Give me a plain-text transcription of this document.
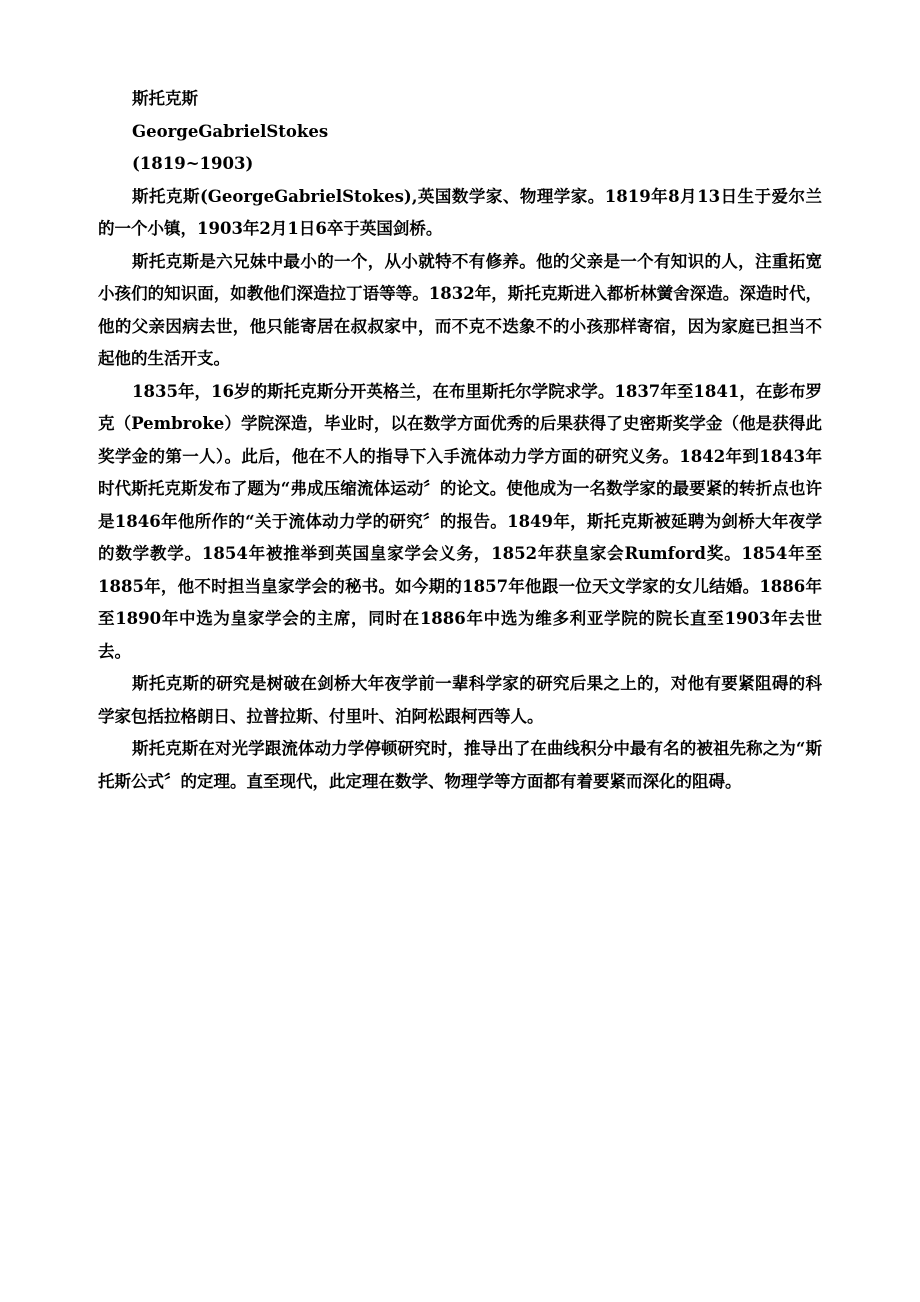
斯托克斯

GeorgeGabrielStokes

(1819~1903)

斯托克斯(GeorgeGabrielStokes),英国数学家、物理学家。1819年8月13日生于爱尔兰的一个小镇，1903年2月1日6卒于英国剑桥。

斯托克斯是六兄妹中最小的一个，从小就特不有修养。他的父亲是一个有知识的人，注重拓宽小孩们的知识面，如教他们深造拉丁语等等。1832年，斯托克斯进入都析林黉舍深造。深造时代，他的父亲因病去世，他只能寄居在叔叔家中，而不克不迭象不的小孩那样寄宿，因为家庭已担当不起他的生活开支。

1835年，16岁的斯托克斯分开英格兰，在布里斯托尔学院求学。1837年至1841，在彭布罗克（Pembroke）学院深造，毕业时，以在数学方面优秀的后果获得了史密斯奖学金（他是获得此奖学金的第一人）。此后，他在不人的指导下入手流体动力学方面的研究义务。1842年到1843年时代斯托克斯发布了题为“弗成压缩流体运动〞的论文。使他成为一名数学家的最要紧的转折点也许是1846年他所作的“关于流体动力学的研究〞的报告。1849年，斯托克斯被延聘为剑桥大年夜学的数学教学。1854年被推举到英国皇家学会义务，1852年获皇家会Rumford奖。1854年至1885年，他不时担当皇家学会的秘书。如今期的1857年他跟一位天文学家的女儿结婚。1886年至1890年中选为皇家学会的主席，同时在1886年中选为维多利亚学院的院长直至1903年去世去。

斯托克斯的研究是树破在剑桥大年夜学前一辈科学家的研究后果之上的，对他有要紧阻碍的科学家包括拉格朗日、拉普拉斯、付里叶、泊阿松跟柯西等人。

斯托克斯在对光学跟流体动力学停顿研究时，推导出了在曲线积分中最有名的被祖先称之为“斯托斯公式〞的定理。直至现代，此定理在数学、物理学等方面都有着要紧而深化的阻碍。
